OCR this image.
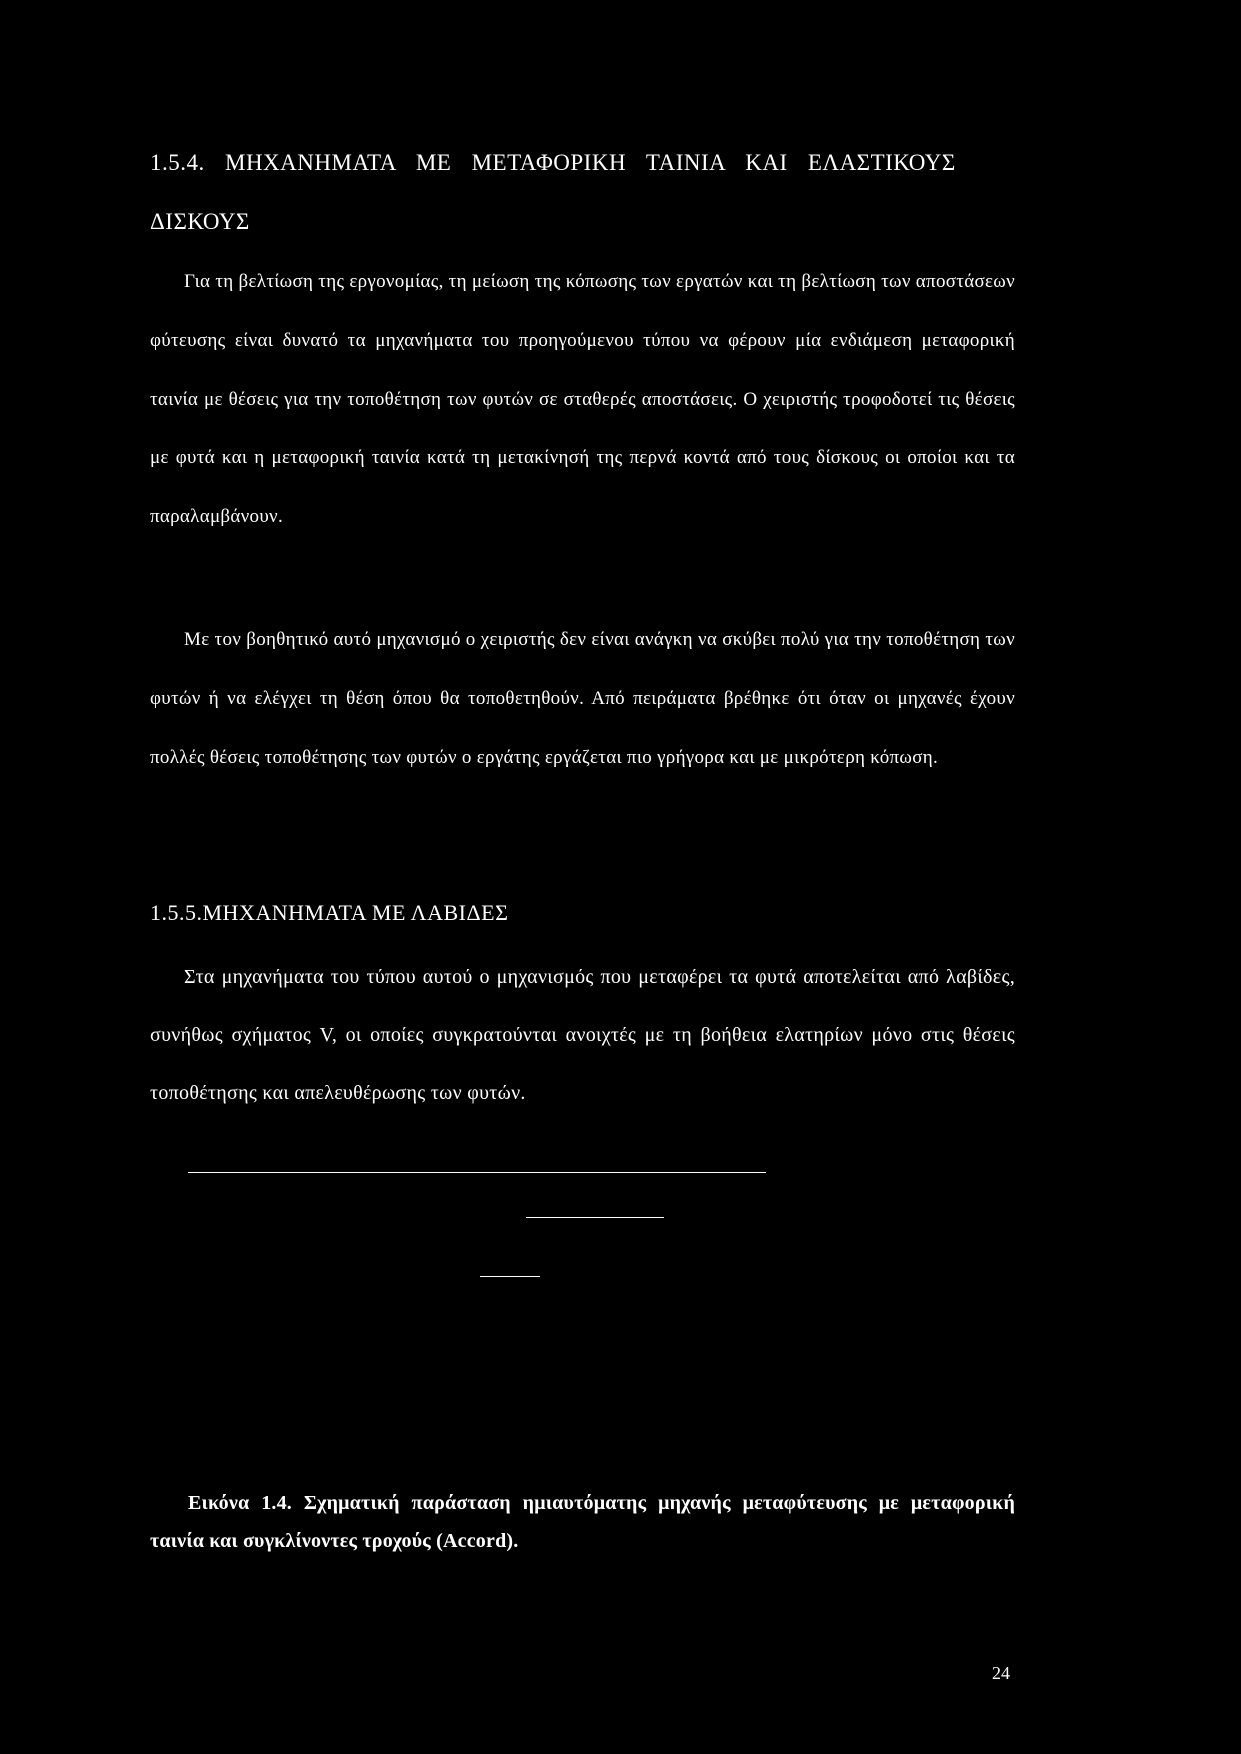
1.5.4. ΜΗΧΑΝΗΜΑΤΑ ΜΕ ΜΕΤΑΦΟΡΙΚΗ ΤΑΙΝΙΑ ΚΑΙ ΕΛΑΣΤΙΚΟΥΣ
ΔΙΣΚΟΥΣ

Για τη βελτίωση της εργονομίας, τη μείωση της κόπωσης των εργατών και τη βελτίωση των αποστάσεων φύτευσης είναι δυνατό τα μηχανήματα του προηγούμενου τύπου να φέρουν μία ενδιάμεση μεταφορική ταινία με θέσεις για την τοποθέτηση των φυτών σε σταθερές αποστάσεις. Ο χειριστής τροφοδοτεί τις θέσεις με φυτά και η μεταφορική ταινία κατά τη μετακίνησή της περνά κοντά από τους δίσκους οι οποίοι και τα παραλαμβάνουν.

Με τον βοηθητικό αυτό μηχανισμό ο χειριστής δεν είναι ανάγκη να σκύβει πολύ για την τοποθέτηση των φυτών ή να ελέγχει τη θέση όπου θα τοποθετηθούν. Από πειράματα βρέθηκε ότι όταν οι μηχανές έχουν πολλές θέσεις τοποθέτησης των φυτών ο εργάτης εργάζεται πιο γρήγορα και με μικρότερη κόπωση.

1.5.5.ΜΗΧΑΝΗΜΑΤΑ ΜΕ ΛΑΒΙΔΕΣ

Στα μηχανήματα του τύπου αυτού ο μηχανισμός που μεταφέρει τα φυτά αποτελείται από λαβίδες, συνήθως σχήματος V, οι οποίες συγκρατούνται ανοιχτές με τη βοήθεια ελατηρίων μόνο στις θέσεις τοποθέτησης και απελευθέρωσης των φυτών.

Εικόνα 1.4. Σχηματική παράσταση ημιαυτόματης μηχανής μεταφύτευσης με μεταφορική ταινία και συγκλίνοντες τροχούς (Accord).

24
